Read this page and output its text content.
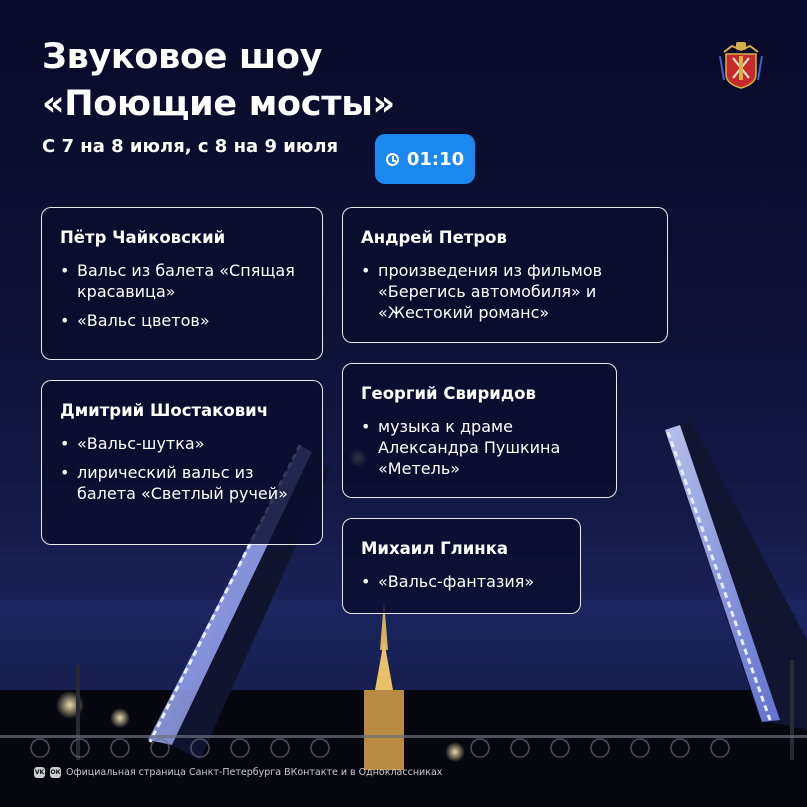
Звуковое шоу
«Поющие мосты»
С 7 на 8 июля, с 8 на 9 июля
01:10
Пётр Чайковский
• Вальс из балета «Спящая красавица»
• «Вальс цветов»
Андрей Петров
• произведения из фильмов «Берегись автомобиля» и «Жестокий романс»
Дмитрий Шостакович
• «Вальс-шутка»
• лирический вальс из балета «Светлый ручей»
Георгий Свиридов
• музыка к драме Александра Пушкина «Метель»
Михаил Глинка
• «Вальс-фантазия»
VK ОК Официальная страница Санкт-Петербурга ВКонтакте и в Одноклассниках
